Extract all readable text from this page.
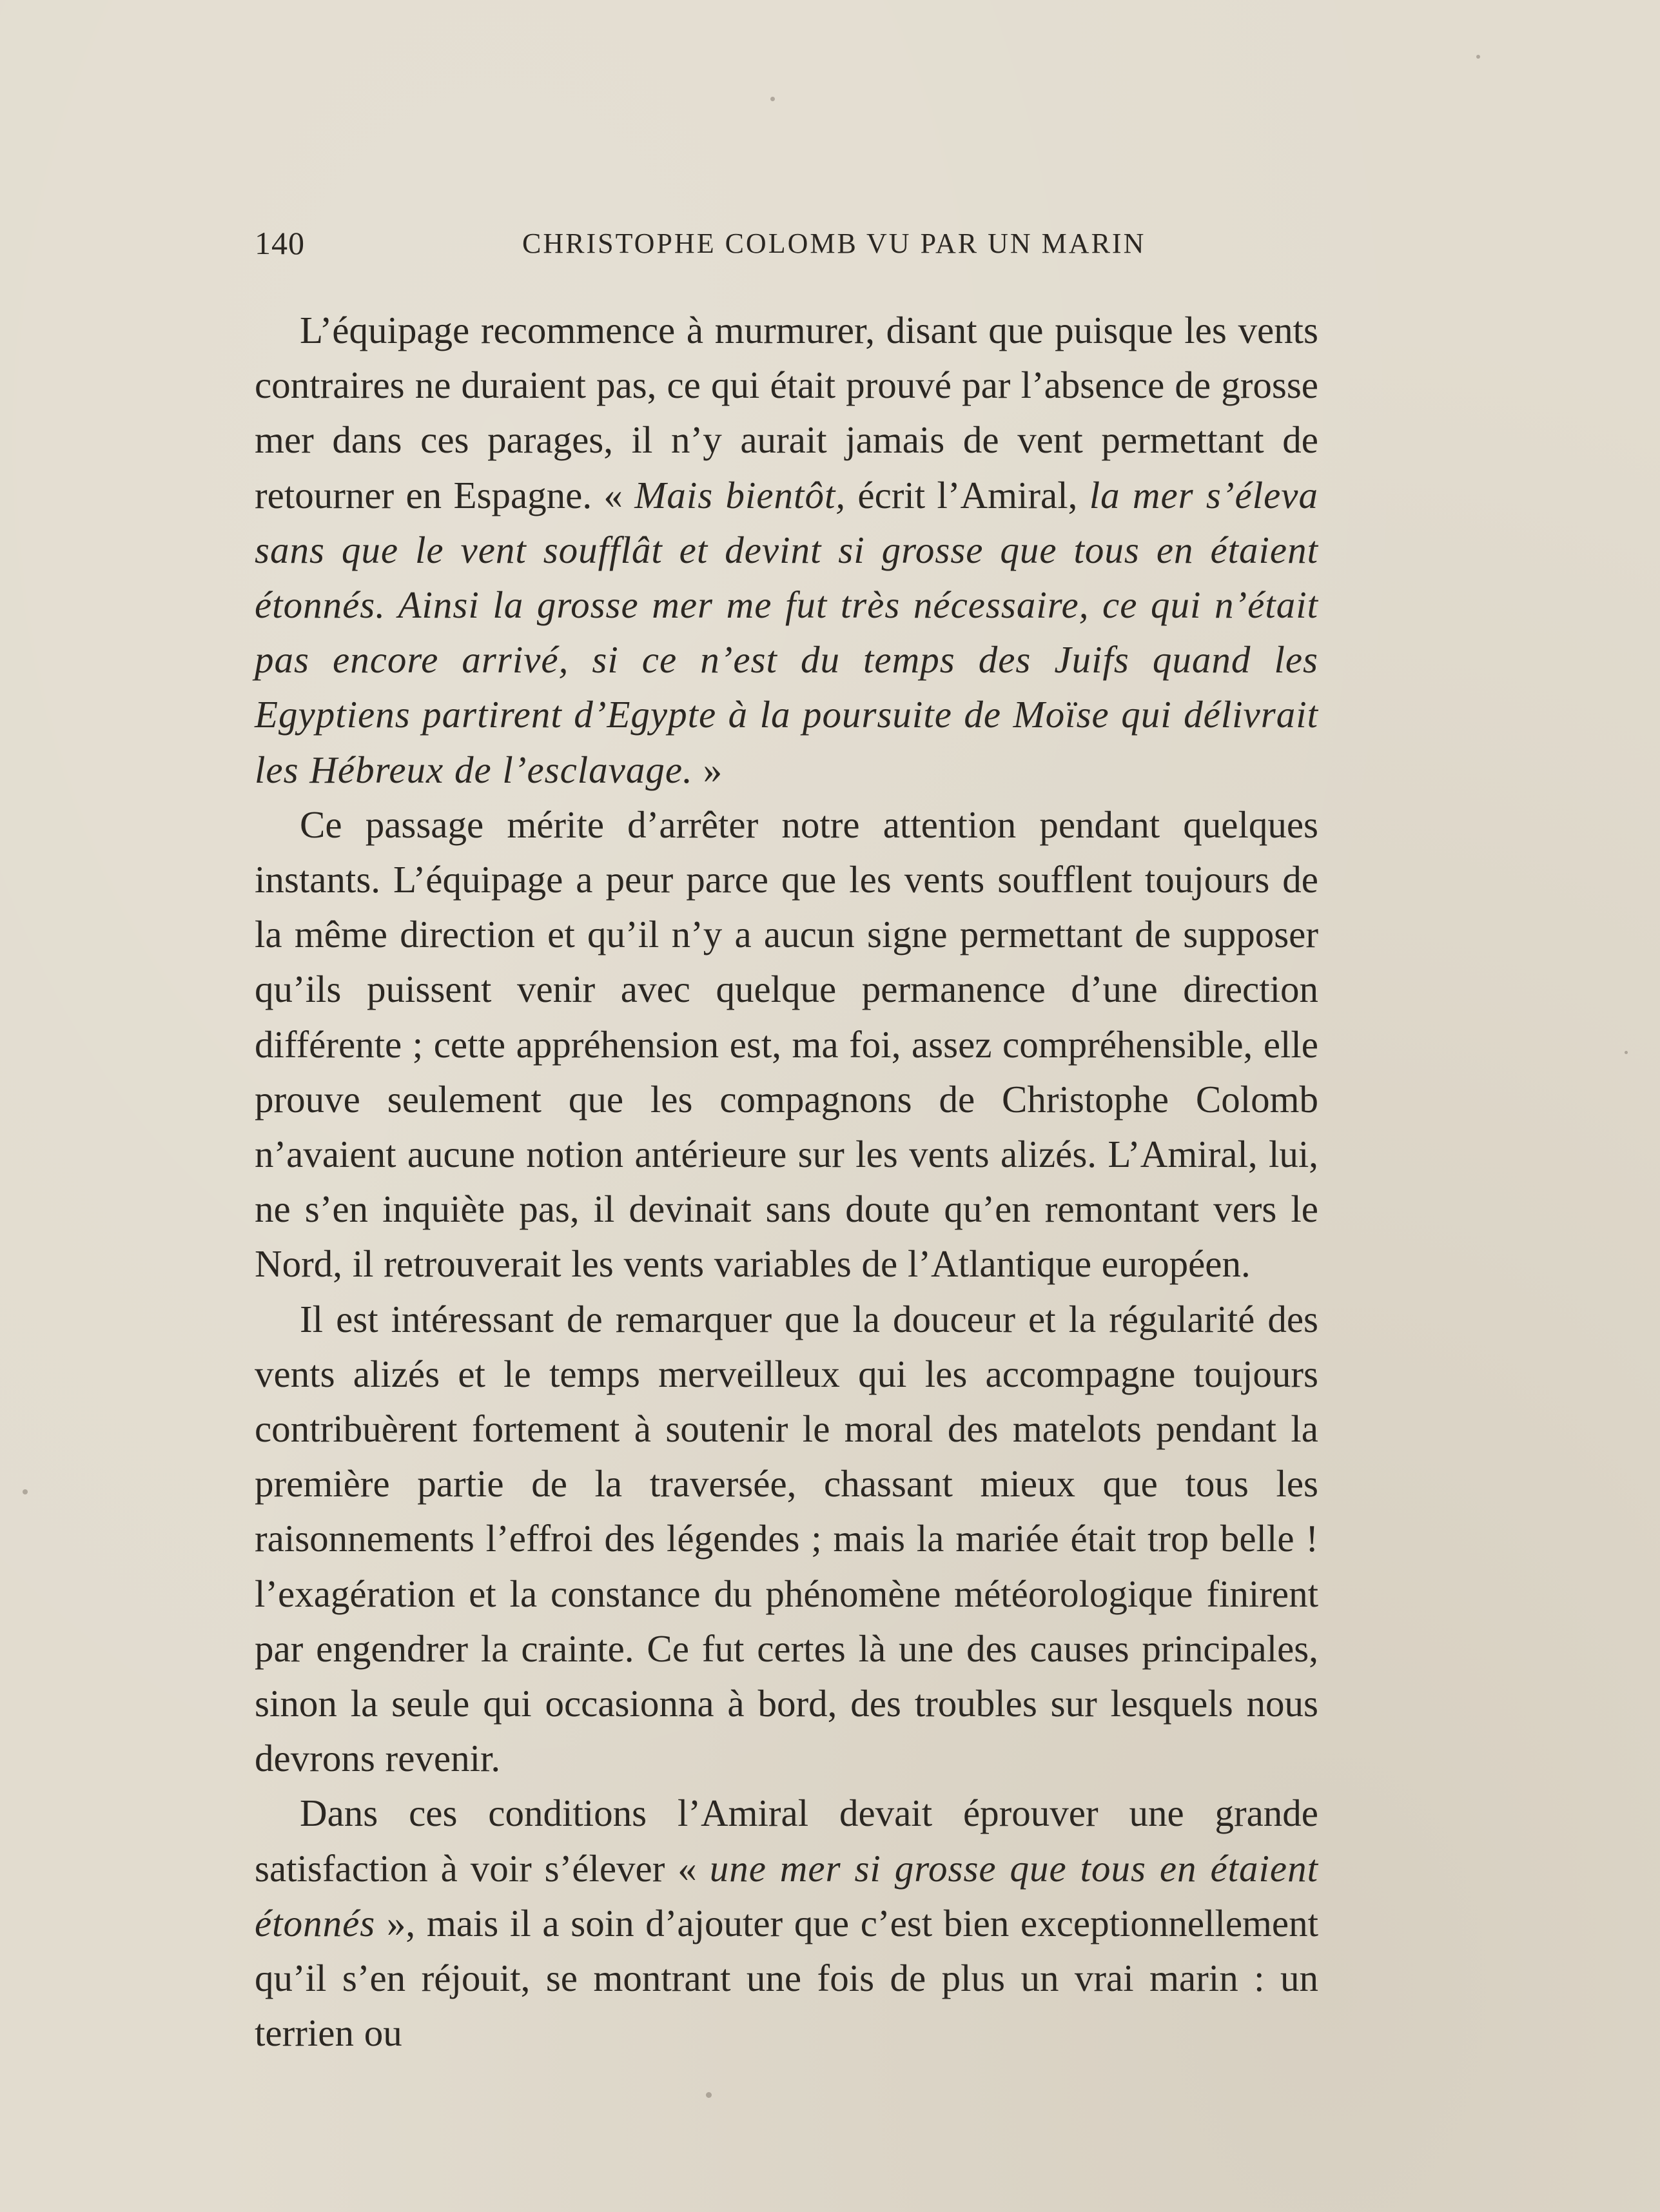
140	CHRISTOPHE COLOMB VU PAR UN MARIN

L’équipage recommence à murmurer, disant que puisque les vents contraires ne duraient pas, ce qui était prouvé par l’absence de grosse mer dans ces parages, il n’y aurait jamais de vent permettant de retourner en Espagne. « Mais bientôt, écrit l’Amiral, la mer s’éleva sans que le vent soufflât et devint si grosse que tous en étaient étonnés. Ainsi la grosse mer me fut très nécessaire, ce qui n’était pas encore arrivé, si ce n’est du temps des Juifs quand les Egyptiens partirent d’Egypte à la poursuite de Moïse qui délivrait les Hébreux de l’esclavage. »

Ce passage mérite d’arrêter notre attention pendant quelques instants. L’équipage a peur parce que les vents soufflent toujours de la même direction et qu’il n’y a aucun signe permettant de supposer qu’ils puissent venir avec quelque permanence d’une direction différente ; cette appréhension est, ma foi, assez compréhensible, elle prouve seulement que les compagnons de Christophe Colomb n’avaient aucune notion antérieure sur les vents alizés. L’Amiral, lui, ne s’en inquiète pas, il devinait sans doute qu’en remontant vers le Nord, il retrouverait les vents variables de l’Atlantique européen.

Il est intéressant de remarquer que la douceur et la régularité des vents alizés et le temps merveilleux qui les accompagne toujours contribuèrent fortement à soutenir le moral des matelots pendant la première partie de la traversée, chassant mieux que tous les raisonnements l’effroi des légendes ; mais la mariée était trop belle ! l’exagération et la constance du phénomène météorologique finirent par engendrer la crainte. Ce fut certes là une des causes principales, sinon la seule qui occasionna à bord, des troubles sur lesquels nous devrons revenir.

Dans ces conditions l’Amiral devait éprouver une grande satisfaction à voir s’élever « une mer si grosse que tous en étaient étonnés », mais il a soin d’ajouter que c’est bien exceptionnellement qu’il s’en réjouit, se montrant une fois de plus un vrai marin : un terrien ou
